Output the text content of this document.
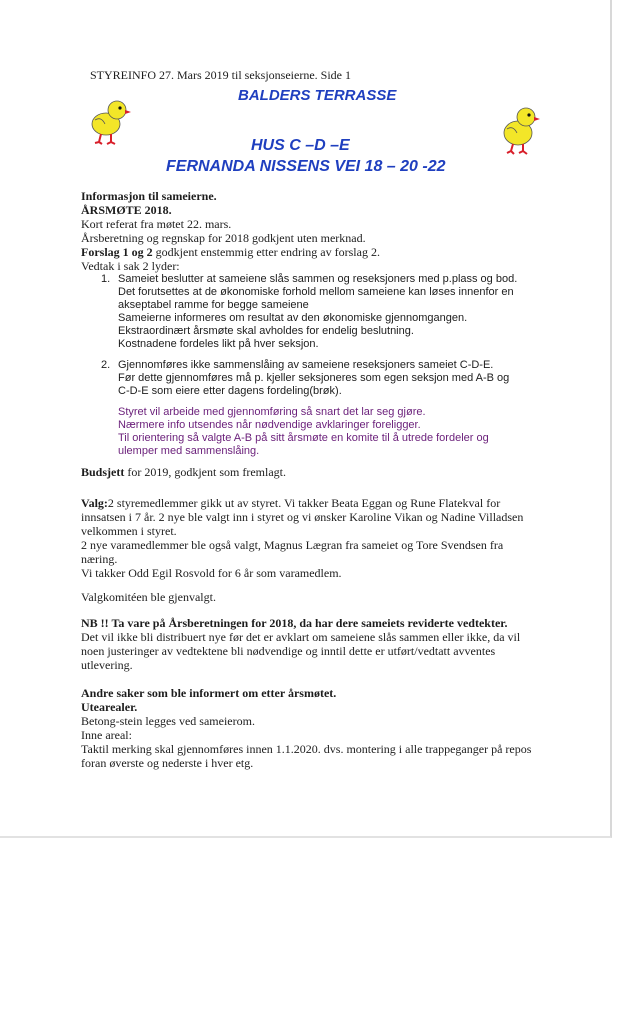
STYREINFO 27. Mars 2019 til seksjonseierne. Side 1
BALDERS TERRASSE
HUS C –D –E
FERNANDA NISSENS VEI 18 – 20 -22
Informasjon til sameierne.
ÅRSMØTE 2018.
Kort referat fra møtet 22. mars.
Årsberetning og regnskap for 2018 godkjent uten merknad.
Forslag 1 og 2 godkjent enstemmig etter endring av forslag 2.
Vedtak i sak 2 lyder:
1. Sameiet beslutter at sameiene slås sammen og reseksjoners med p.plass og bod.
Det forutsettes at de økonomiske forhold mellom sameiene kan løses innenfor en
akseptabel ramme for begge sameiene
Sameierne informeres om resultat av den økonomiske gjennomgangen.
Ekstraordinært årsmøte skal avholdes for endelig beslutning.
Kostnadene fordeles likt på hver seksjon.
2. Gjennomføres ikke sammenslåing av sameiene reseksjoners sameiet C-D-E.
Før dette gjennomføres må p. kjeller seksjoneres som egen seksjon med A-B og
C-D-E som eiere etter dagens fordeling(brøk).
Styret vil arbeide med gjennomføring så snart det lar seg gjøre.
Nærmere info utsendes når nødvendige avklaringer foreligger.
Til orientering så valgte A-B på sitt årsmøte en komite til å utrede fordeler og
ulemper med sammenslåing.
Budsjett for 2019, godkjent som fremlagt.
Valg:2 styremedlemmer gikk ut av styret. Vi takker Beata Eggan og Rune Flatekval for
innsatsen i 7 år. 2 nye ble valgt inn i styret og vi ønsker Karoline Vikan og Nadine Villadsen
velkommen i styret.
2 nye varamedlemmer ble også valgt, Magnus Lægran fra sameiet og Tore Svendsen fra
næring.
Vi takker Odd Egil Rosvold for 6 år som varamedlem.
Valgkomitéen ble gjenvalgt.
NB !! Ta vare på Årsberetningen for 2018, da har dere sameiets reviderte vedtekter.
Det vil ikke bli distribuert nye før det er avklart om sameiene slås sammen eller ikke, da vil
noen justeringer av vedtektene bli nødvendige og inntil dette er utført/vedtatt avventes
utlevering.
Andre saker som ble informert om etter årsmøtet.
Utearealer.
Betong-stein legges ved sameierom.
Inne areal:
Taktil merking skal gjennomføres innen 1.1.2020. dvs. montering i alle trappeganger på repos
foran øverste og nederste i hver etg.
